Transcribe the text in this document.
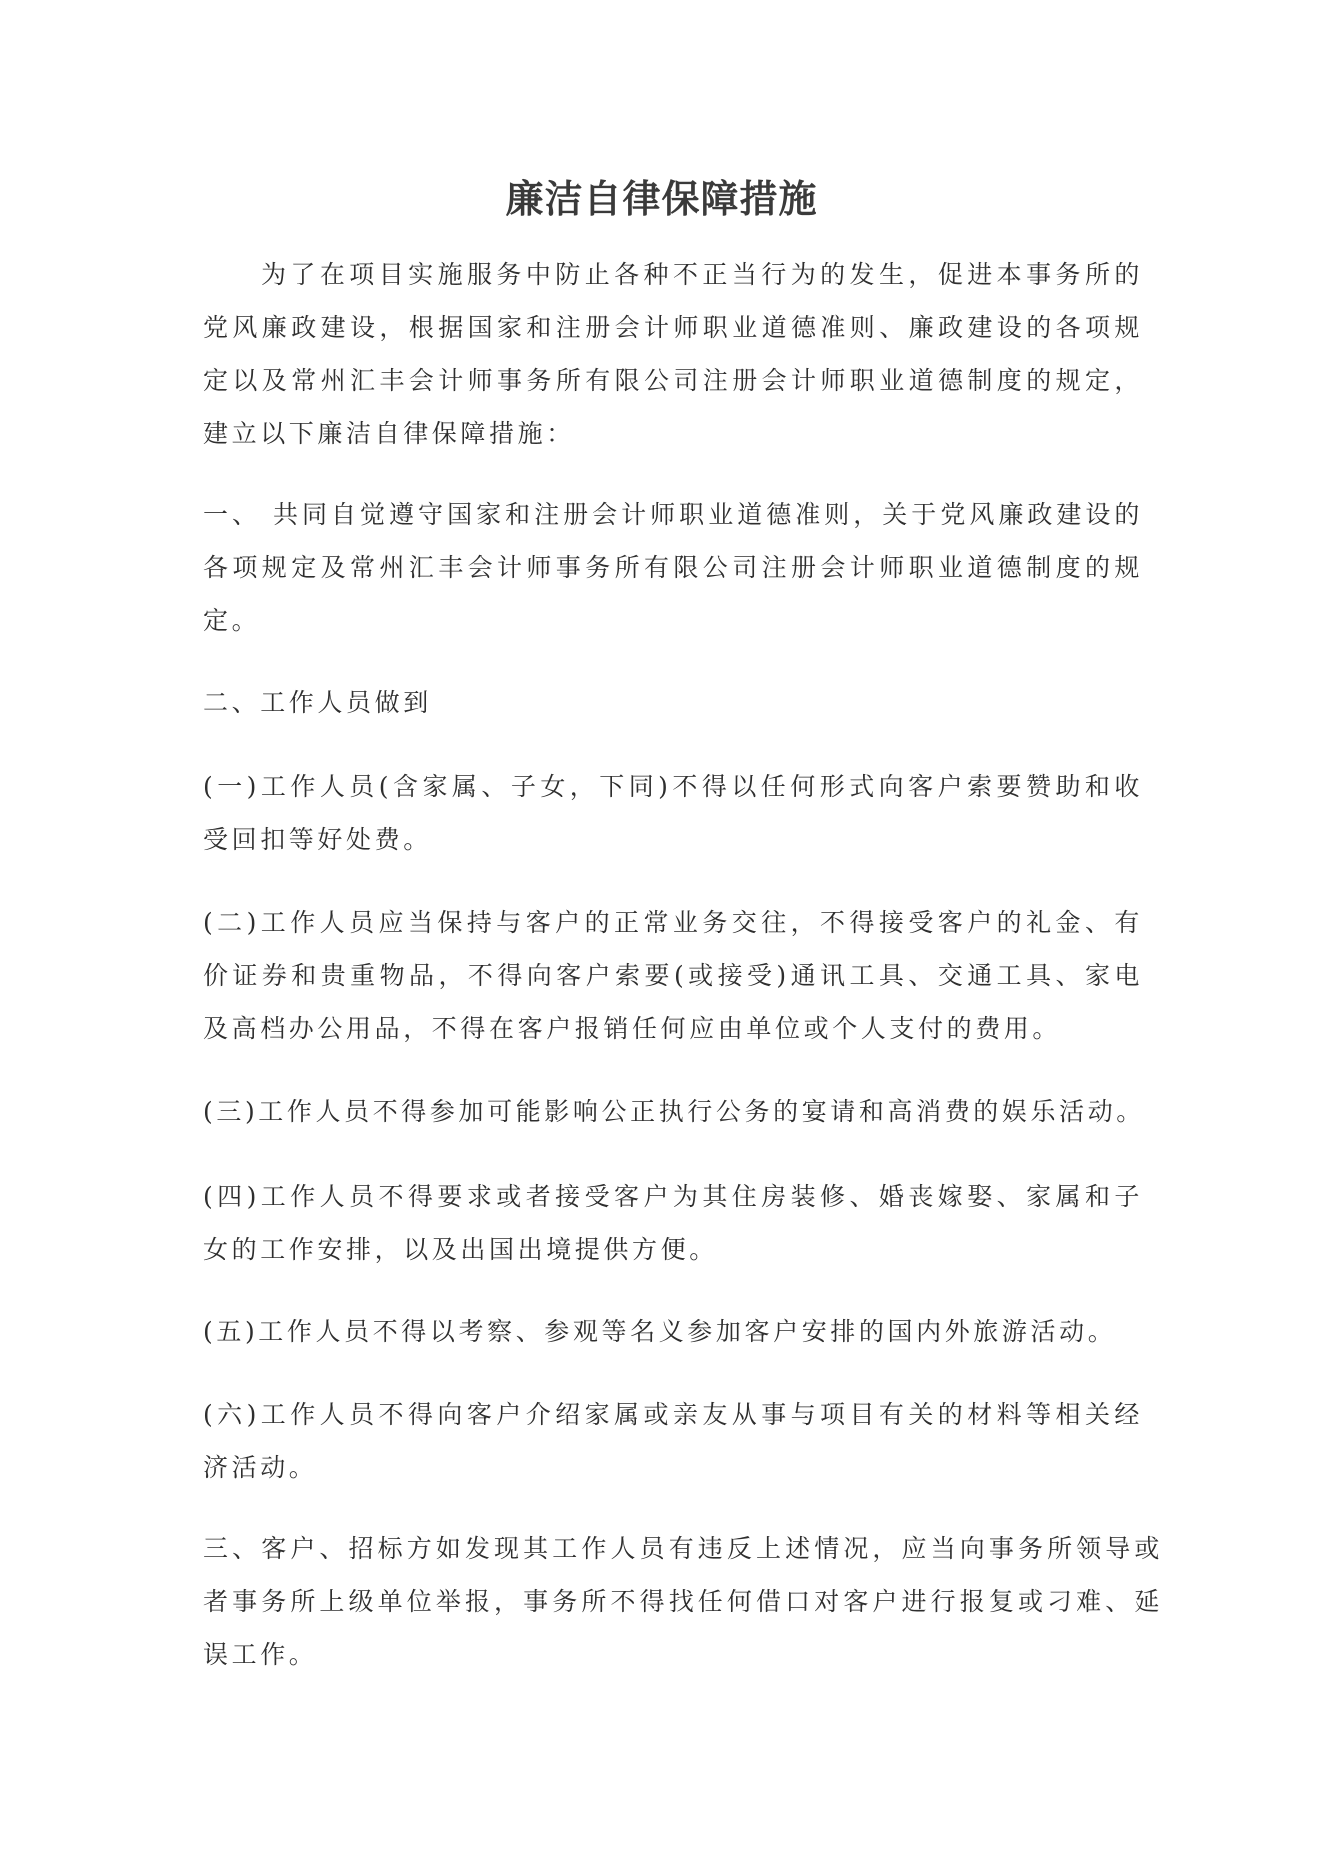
廉洁自律保障措施

为了在项目实施服务中防止各种不正当行为的发生，促进本事务所的党风廉政建设，根据国家和注册会计师职业道德准则、廉政建设的各项规定以及常州汇丰会计师事务所有限公司注册会计师职业道德制度的规定，建立以下廉洁自律保障措施：

一、 共同自觉遵守国家和注册会计师职业道德准则，关于党风廉政建设的各项规定及常州汇丰会计师事务所有限公司注册会计师职业道德制度的规定。

二、工作人员做到

(一)工作人员(含家属、子女，下同)不得以任何形式向客户索要赞助和收受回扣等好处费。

(二)工作人员应当保持与客户的正常业务交往，不得接受客户的礼金、有价证券和贵重物品，不得向客户索要(或接受)通讯工具、交通工具、家电及高档办公用品，不得在客户报销任何应由单位或个人支付的费用。

(三)工作人员不得参加可能影响公正执行公务的宴请和高消费的娱乐活动。

(四)工作人员不得要求或者接受客户为其住房装修、婚丧嫁娶、家属和子女的工作安排，以及出国出境提供方便。

(五)工作人员不得以考察、参观等名义参加客户安排的国内外旅游活动。

(六)工作人员不得向客户介绍家属或亲友从事与项目有关的材料等相关经济活动。

三、客户、招标方如发现其工作人员有违反上述情况，应当向事务所领导或者事务所上级单位举报，事务所不得找任何借口对客户进行报复或刁难、延误工作。
